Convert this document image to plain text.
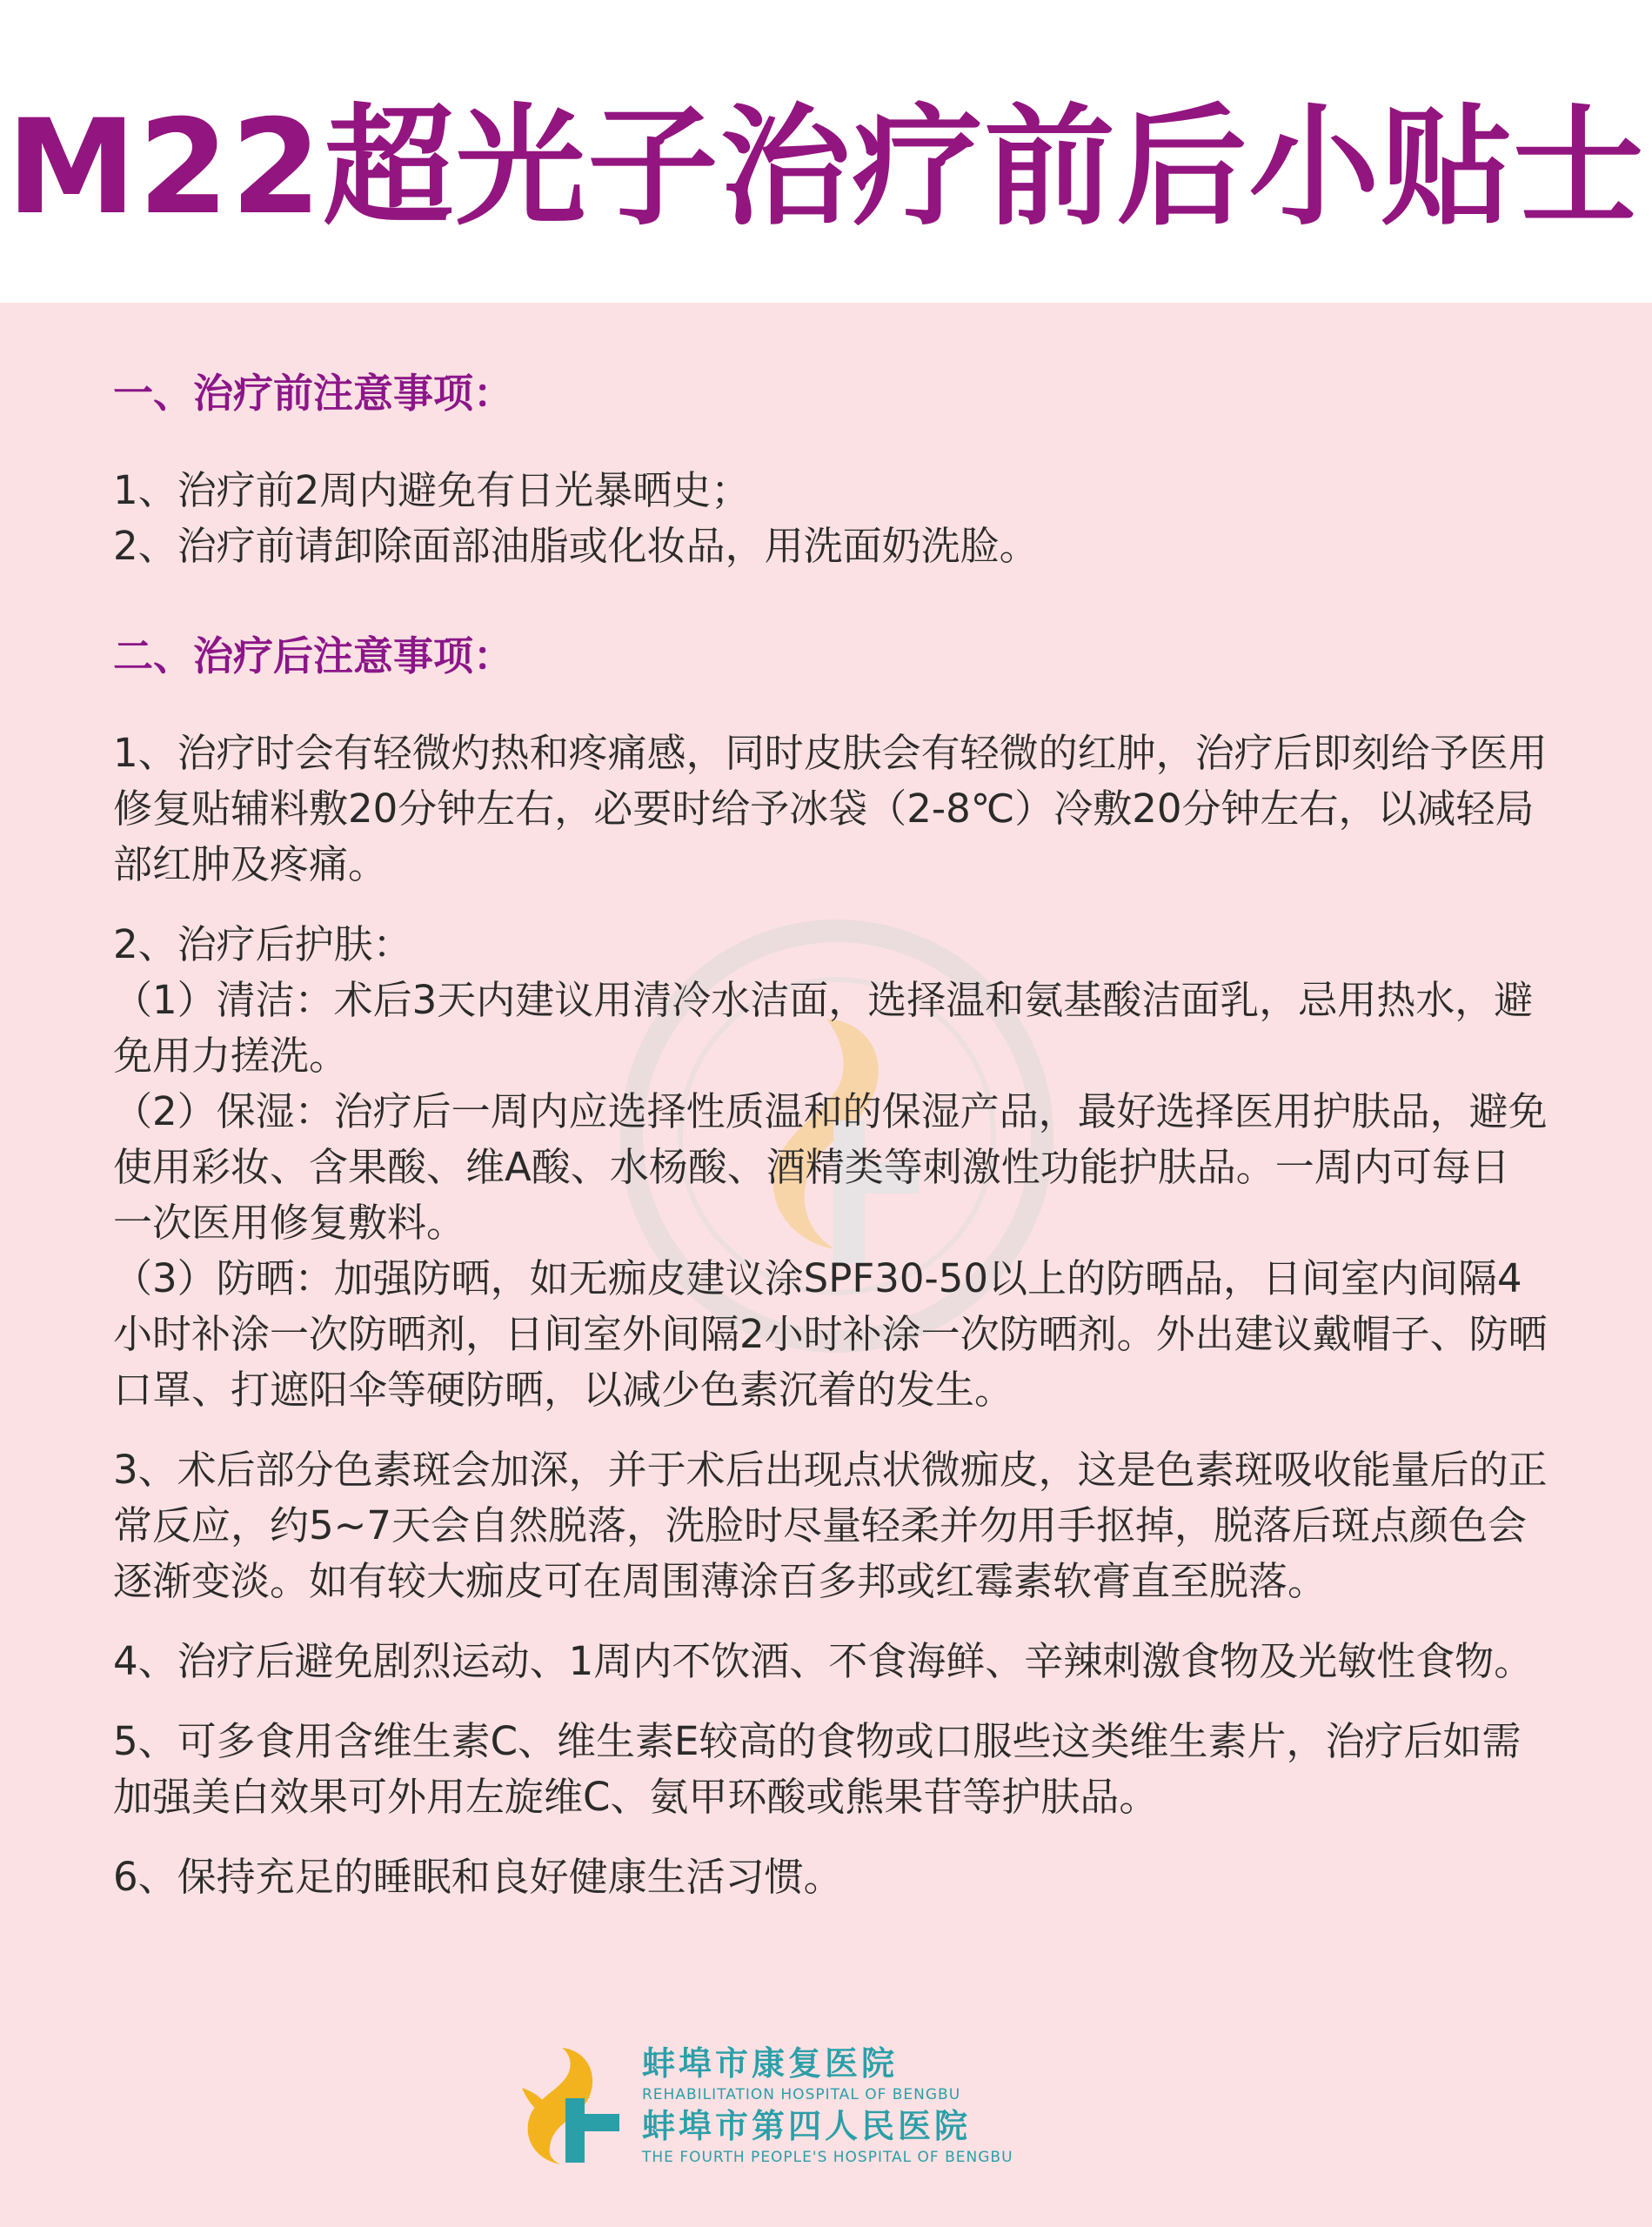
M22超光子治疗前后小贴士

一、治疗前注意事项：

1、治疗前2周内避免有日光暴晒史；

2、治疗前请卸除面部油脂或化妆品，用洗面奶洗脸。

二、治疗后注意事项：

1、治疗时会有轻微灼热和疼痛感，同时皮肤会有轻微的红肿，治疗后即刻给予医用修复贴辅料敷20分钟左右，必要时给予冰袋（2-8℃）冷敷20分钟左右，以减轻局部红肿及疼痛。

2、治疗后护肤：

（1）清洁：术后3天内建议用清冷水洁面，选择温和氨基酸洁面乳，忌用热水，避免用力搓洗。

（2）保湿：治疗后一周内应选择性质温和的保湿产品，最好选择医用护肤品，避免使用彩妆、含果酸、维A酸、水杨酸、酒精类等刺激性功能护肤品。一周内可每日一次医用修复敷料。

（3）防晒：加强防晒，如无痂皮建议涂SPF30-50以上的防晒品，日间室内间隔4小时补涂一次防晒剂，日间室外间隔2小时补涂一次防晒剂。外出建议戴帽子、防晒口罩、打遮阳伞等硬防晒，以减少色素沉着的发生。

3、术后部分色素斑会加深，并于术后出现点状微痂皮，这是色素斑吸收能量后的正常反应，约5~7天会自然脱落，洗脸时尽量轻柔并勿用手抠掉，脱落后斑点颜色会逐渐变淡。如有较大痂皮可在周围薄涂百多邦或红霉素软膏直至脱落。

4、治疗后避免剧烈运动、1周内不饮酒、不食海鲜、辛辣刺激食物及光敏性食物。

5、可多食用含维生素C、维生素E较高的食物或口服些这类维生素片，治疗后如需加强美白效果可外用左旋维C、氨甲环酸或熊果苷等护肤品。

6、保持充足的睡眠和良好健康生活习惯。

蚌埠市康复医院
REHABILITATION HOSPITAL OF BENGBU
蚌埠市第四人民医院
THE FOURTH PEOPLE'S HOSPITAL OF BENGBU
